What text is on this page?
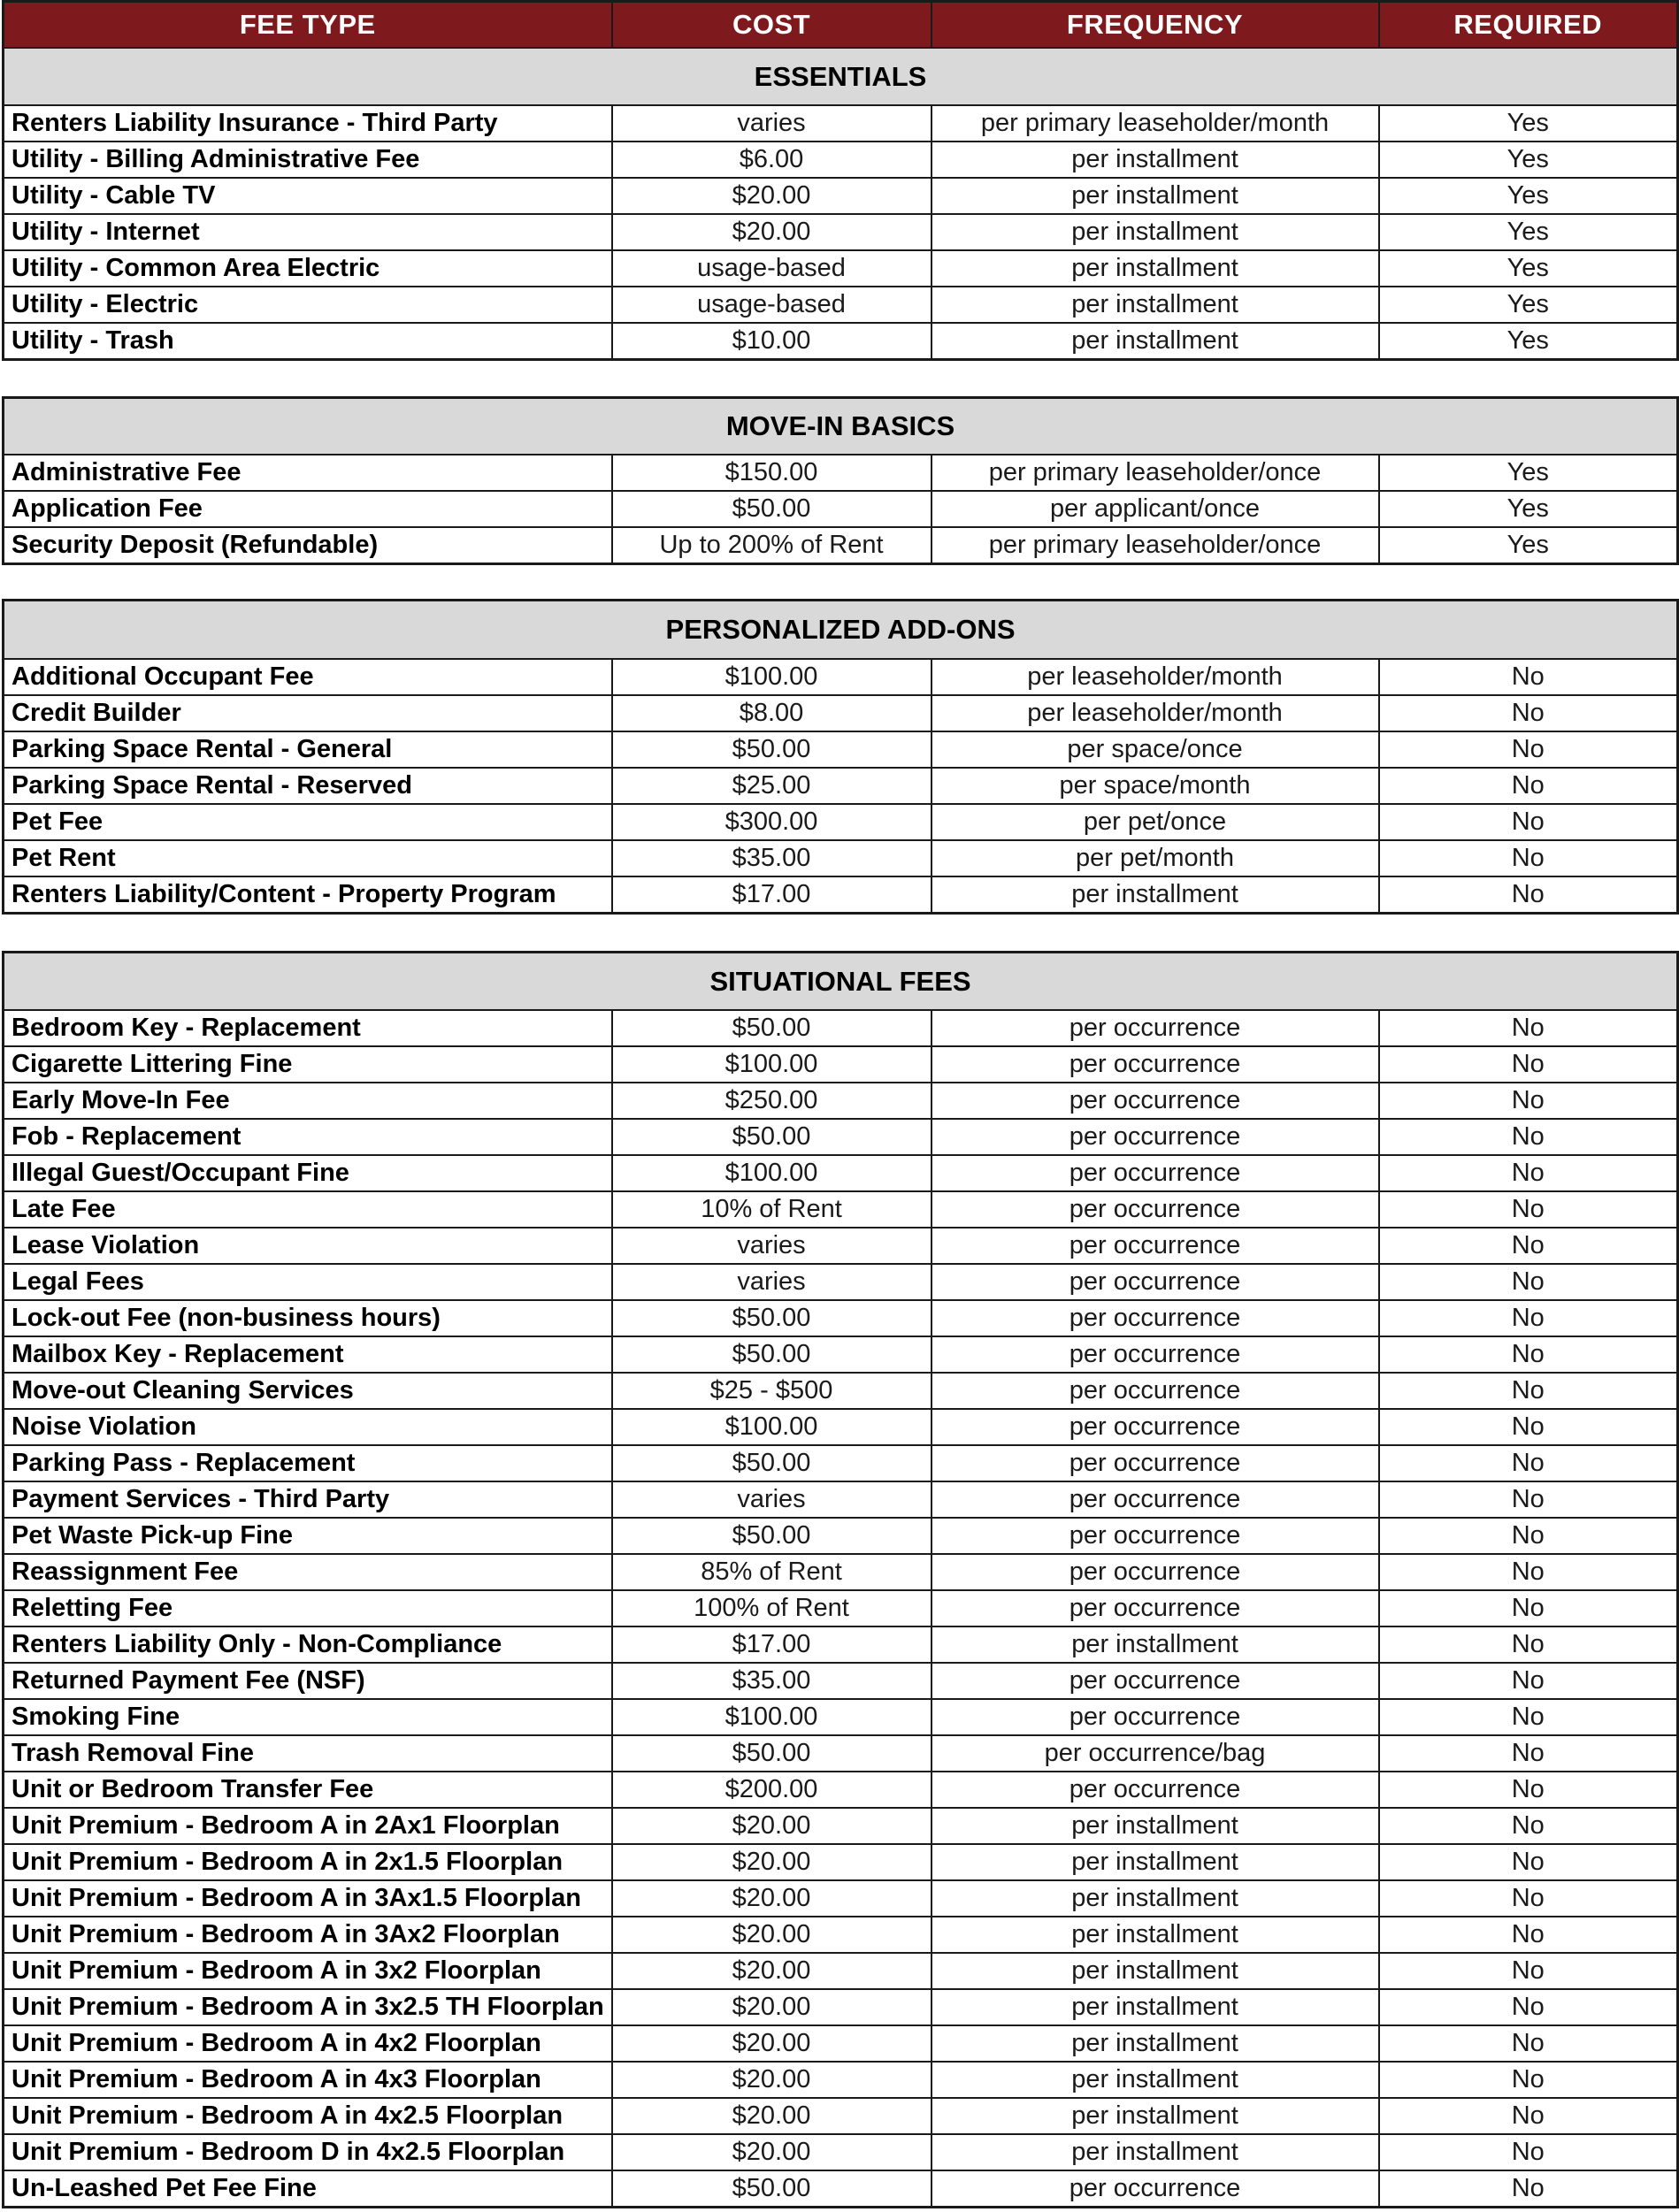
FEE TYPE	COST	FREQUENCY	REQUIRED
ESSENTIALS			
Renters Liability Insurance - Third Party	varies	per primary leaseholder/month	Yes
Utility - Billing Administrative Fee	$6.00	per installment	Yes
Utility - Cable TV	$20.00	per installment	Yes
Utility - Internet	$20.00	per installment	Yes
Utility - Common Area Electric	usage-based	per installment	Yes
Utility - Electric	usage-based	per installment	Yes
Utility - Trash	$10.00	per installment	Yes
MOVE-IN BASICS			
Administrative Fee	$150.00	per primary leaseholder/once	Yes
Application Fee	$50.00	per applicant/once	Yes
Security Deposit (Refundable)	Up to 200% of Rent	per primary leaseholder/once	Yes
PERSONALIZED ADD-ONS			
Additional Occupant Fee	$100.00	per leaseholder/month	No
Credit Builder	$8.00	per leaseholder/month	No
Parking Space Rental - General	$50.00	per space/once	No
Parking Space Rental - Reserved	$25.00	per space/month	No
Pet Fee	$300.00	per pet/once	No
Pet Rent	$35.00	per pet/month	No
Renters Liability/Content - Property Program	$17.00	per installment	No
SITUATIONAL FEES			
Bedroom Key - Replacement	$50.00	per occurrence	No
Cigarette Littering Fine	$100.00	per occurrence	No
Early Move-In Fee	$250.00	per occurrence	No
Fob - Replacement	$50.00	per occurrence	No
Illegal Guest/Occupant Fine	$100.00	per occurrence	No
Late Fee	10% of Rent	per occurrence	No
Lease Violation	varies	per occurrence	No
Legal Fees	varies	per occurrence	No
Lock-out Fee (non-business hours)	$50.00	per occurrence	No
Mailbox Key - Replacement	$50.00	per occurrence	No
Move-out Cleaning Services	$25 - $500	per occurrence	No
Noise Violation	$100.00	per occurrence	No
Parking Pass - Replacement	$50.00	per occurrence	No
Payment Services - Third Party	varies	per occurrence	No
Pet Waste Pick-up Fine	$50.00	per occurrence	No
Reassignment Fee	85% of Rent	per occurrence	No
Reletting Fee	100% of Rent	per occurrence	No
Renters Liability Only - Non-Compliance	$17.00	per installment	No
Returned Payment Fee (NSF)	$35.00	per occurrence	No
Smoking Fine	$100.00	per occurrence	No
Trash Removal Fine	$50.00	per occurrence/bag	No
Unit or Bedroom Transfer Fee	$200.00	per occurrence	No
Unit Premium - Bedroom A in 2Ax1 Floorplan	$20.00	per installment	No
Unit Premium - Bedroom A in 2x1.5 Floorplan	$20.00	per installment	No
Unit Premium - Bedroom A in 3Ax1.5 Floorplan	$20.00	per installment	No
Unit Premium - Bedroom A in 3Ax2 Floorplan	$20.00	per installment	No
Unit Premium - Bedroom A in 3x2 Floorplan	$20.00	per installment	No
Unit Premium - Bedroom A in 3x2.5 TH Floorplan	$20.00	per installment	No
Unit Premium - Bedroom A in 4x2 Floorplan	$20.00	per installment	No
Unit Premium - Bedroom A in 4x3 Floorplan	$20.00	per installment	No
Unit Premium - Bedroom A in 4x2.5 Floorplan	$20.00	per installment	No
Unit Premium - Bedroom D in 4x2.5 Floorplan	$20.00	per installment	No
Un-Leashed Pet Fee Fine	$50.00	per occurrence	No
